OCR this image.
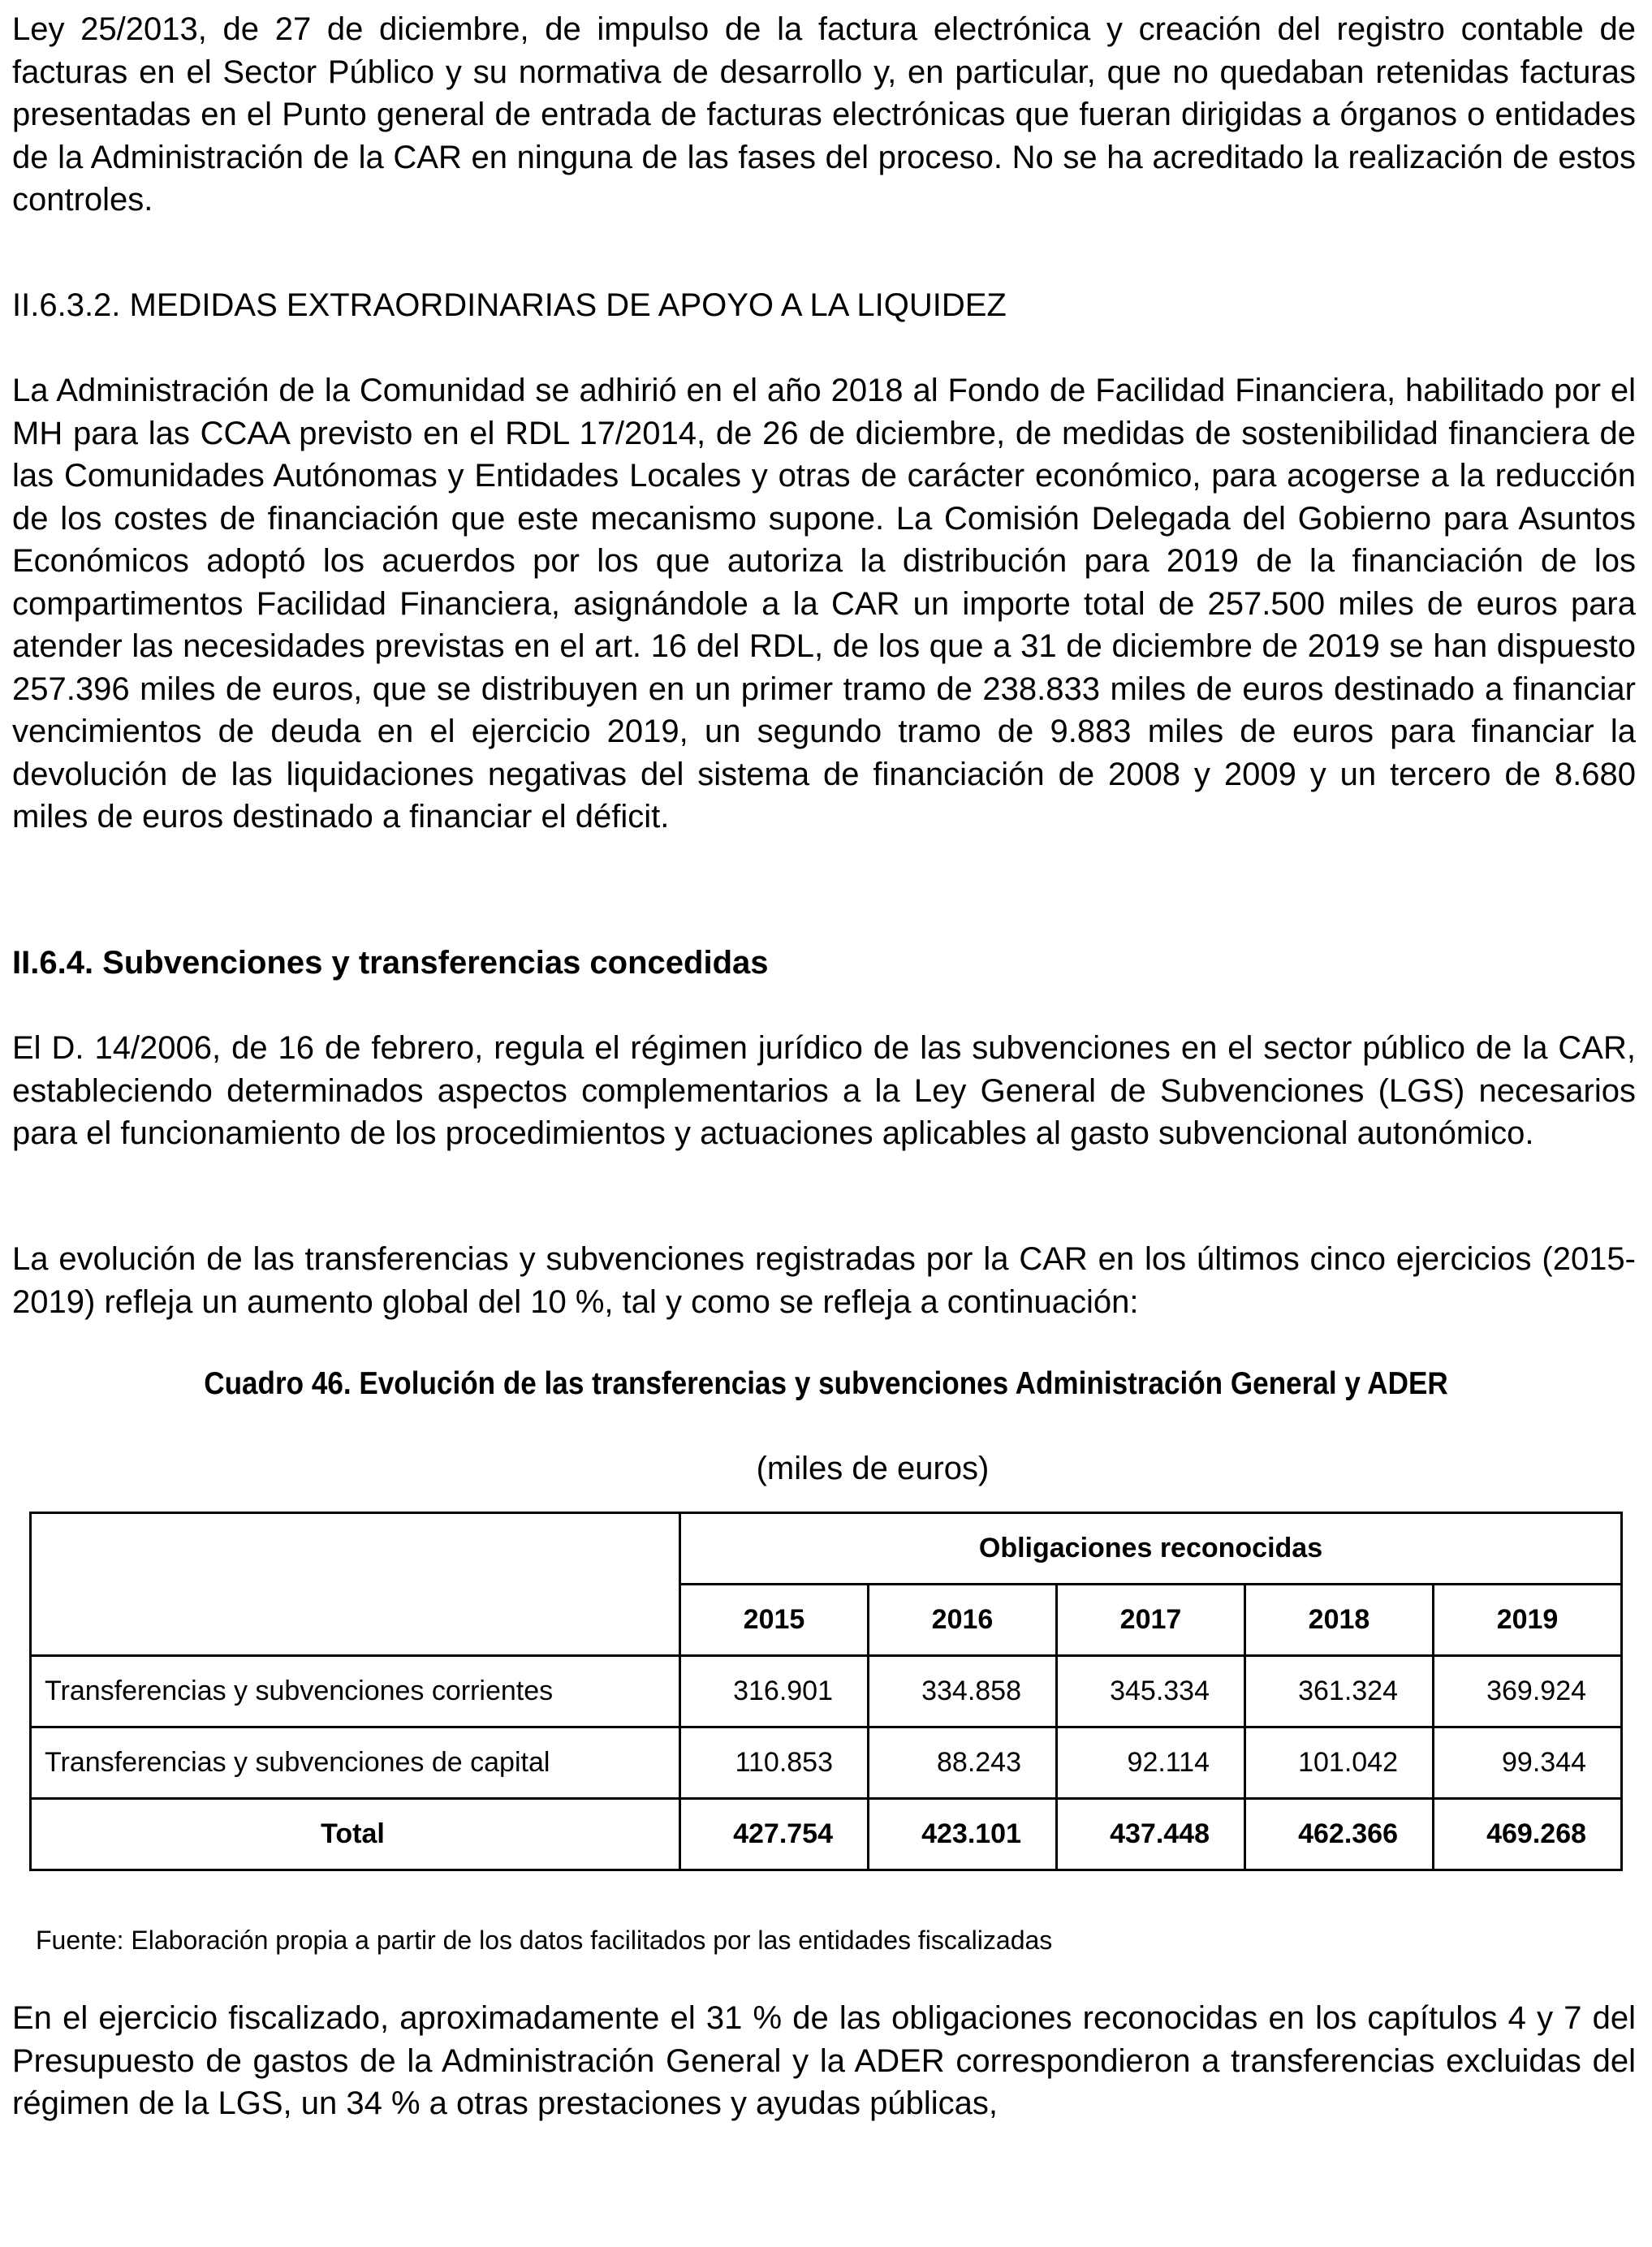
Ley 25/2013, de 27 de diciembre, de impulso de la factura electrónica y creación del registro contable de facturas en el Sector Público y su normativa de desarrollo y, en particular, que no quedaban retenidas facturas presentadas en el Punto general de entrada de facturas electrónicas que fueran dirigidas a órganos o entidades de la Administración de la CAR en ninguna de las fases del proceso. No se ha acreditado la realización de estos controles.

II.6.3.2. MEDIDAS EXTRAORDINARIAS DE APOYO A LA LIQUIDEZ

La Administración de la Comunidad se adhirió en el año 2018 al Fondo de Facilidad Financiera, habilitado por el MH para las CCAA previsto en el RDL 17/2014, de 26 de diciembre, de medidas de sostenibilidad financiera de las Comunidades Autónomas y Entidades Locales y otras de carácter económico, para acogerse a la reducción de los costes de financiación que este mecanismo supone. La Comisión Delegada del Gobierno para Asuntos Económicos adoptó los acuerdos por los que autoriza la distribución para 2019 de la financiación de los compartimentos Facilidad Financiera, asignándole a la CAR un importe total de 257.500 miles de euros para atender las necesidades previstas en el art. 16 del RDL, de los que a 31 de diciembre de 2019 se han dispuesto 257.396 miles de euros, que se distribuyen en un primer tramo de 238.833 miles de euros destinado a financiar vencimientos de deuda en el ejercicio 2019, un segundo tramo de 9.883 miles de euros para financiar la devolución de las liquidaciones negativas del sistema de financiación de 2008 y 2009 y un tercero de 8.680 miles de euros destinado a financiar el déficit.

II.6.4. Subvenciones y transferencias concedidas

El D. 14/2006, de 16 de febrero, regula el régimen jurídico de las subvenciones en el sector público de la CAR, estableciendo determinados aspectos complementarios a la Ley General de Subvenciones (LGS) necesarios para el funcionamiento de los procedimientos y actuaciones aplicables al gasto subvencional autonómico.

La evolución de las transferencias y subvenciones registradas por la CAR en los últimos cinco ejercicios (2015-2019) refleja un aumento global del 10 %, tal y como se refleja a continuación:

Cuadro 46. Evolución de las transferencias y subvenciones Administración General y ADER
(miles de euros)
	Obligaciones reconocidas				
	2015	2016	2017	2018	2019
Transferencias y subvenciones corrientes	316.901	334.858	345.334	361.324	369.924
Transferencias y subvenciones de capital	110.853	88.243	92.114	101.042	99.344
Total	427.754	423.101	437.448	462.366	469.268
Fuente: Elaboración propia a partir de los datos facilitados por las entidades fiscalizadas

En el ejercicio fiscalizado, aproximadamente el 31 % de las obligaciones reconocidas en los capítulos 4 y 7 del Presupuesto de gastos de la Administración General y la ADER correspondieron a transferencias excluidas del régimen de la LGS, un 34 % a otras prestaciones y ayudas públicas,
